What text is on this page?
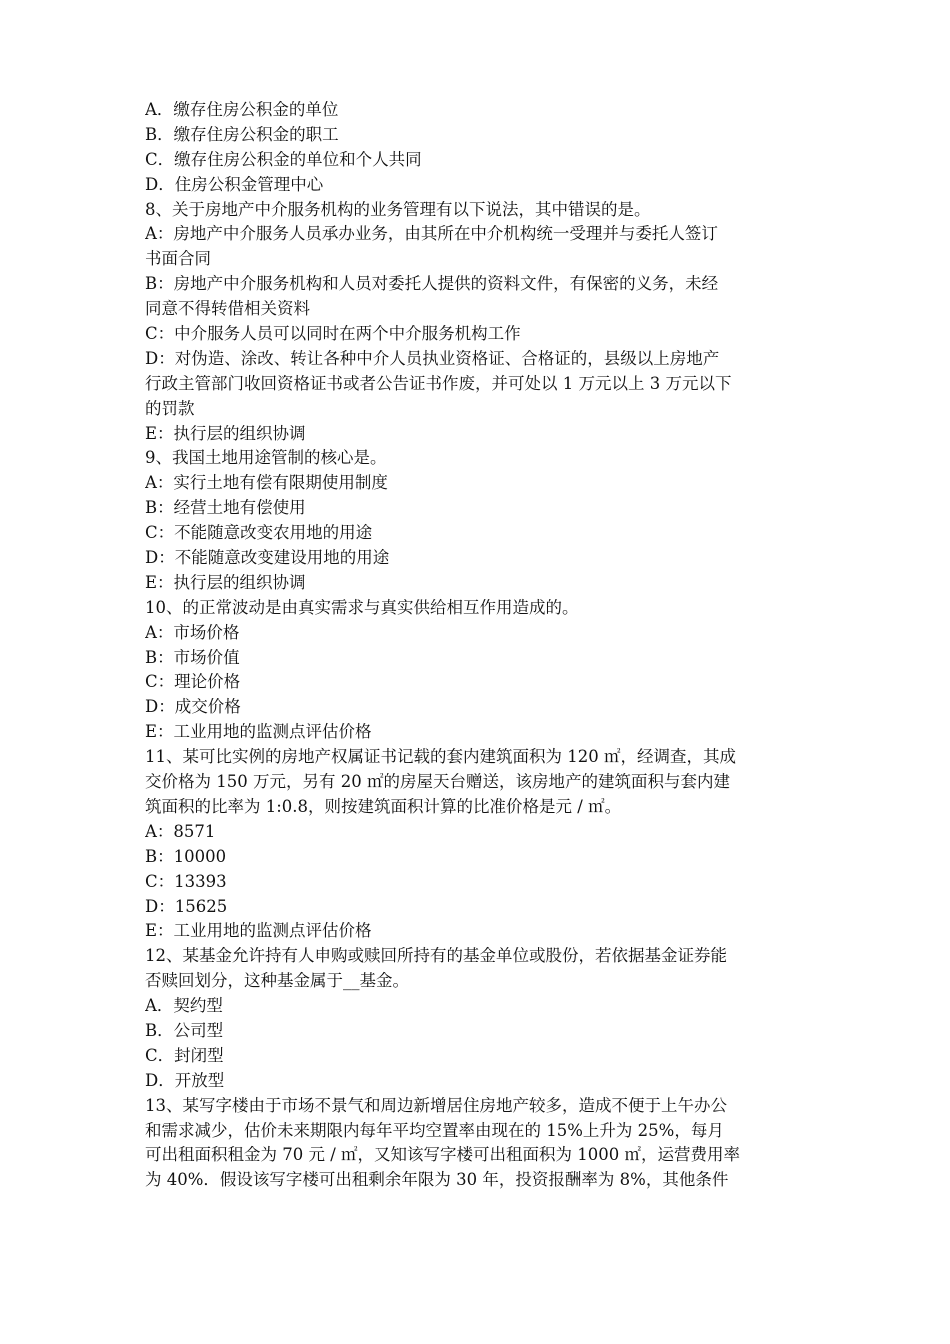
A．缴存住房公积金的单位
B．缴存住房公积金的职工
C．缴存住房公积金的单位和个人共同
D．住房公积金管理中心
8、关于房地产中介服务机构的业务管理有以下说法，其中错误的是。
A：房地产中介服务人员承办业务，由其所在中介机构统一受理并与委托人签订
书面合同
B：房地产中介服务机构和人员对委托人提供的资料文件，有保密的义务，未经
同意不得转借相关资料
C：中介服务人员可以同时在两个中介服务机构工作
D：对伪造、涂改、转让各种中介人员执业资格证、合格证的，县级以上房地产
行政主管部门收回资格证书或者公告证书作废，并可处以 1 万元以上 3 万元以下
的罚款
E：执行层的组织协调
9、我国土地用途管制的核心是。
A：实行土地有偿有限期使用制度
B：经营土地有偿使用
C：不能随意改变农用地的用途
D：不能随意改变建设用地的用途
E：执行层的组织协调
10、的正常波动是由真实需求与真实供给相互作用造成的。
A：市场价格
B：市场价值
C：理论价格
D：成交价格
E：工业用地的监测点评估价格
11、某可比实例的房地产权属证书记载的套内建筑面积为 120 ㎡，经调查，其成
交价格为 150 万元，另有 20 ㎡的房屋天台赠送，该房地产的建筑面积与套内建
筑面积的比率为 1:0.8，则按建筑面积计算的比准价格是元 / ㎡。
A：8571
B：10000
C：13393
D：15625
E：工业用地的监测点评估价格
12、某基金允许持有人申购或赎回所持有的基金单位或股份，若依据基金证券能
否赎回划分，这种基金属于__基金。
A．契约型
B．公司型
C．封闭型
D．开放型
13、某写字楼由于市场不景气和周边新增居住房地产较多，造成不便于上午办公
和需求减少，估价未来期限内每年平均空置率由现在的 15%上升为 25%，每月
可出租面积租金为 70 元 / ㎡，又知该写字楼可出租面积为 1000 ㎡，运营费用率
为 40%．假设该写字楼可出租剩余年限为 30 年，投资报酬率为 8%，其他条件
